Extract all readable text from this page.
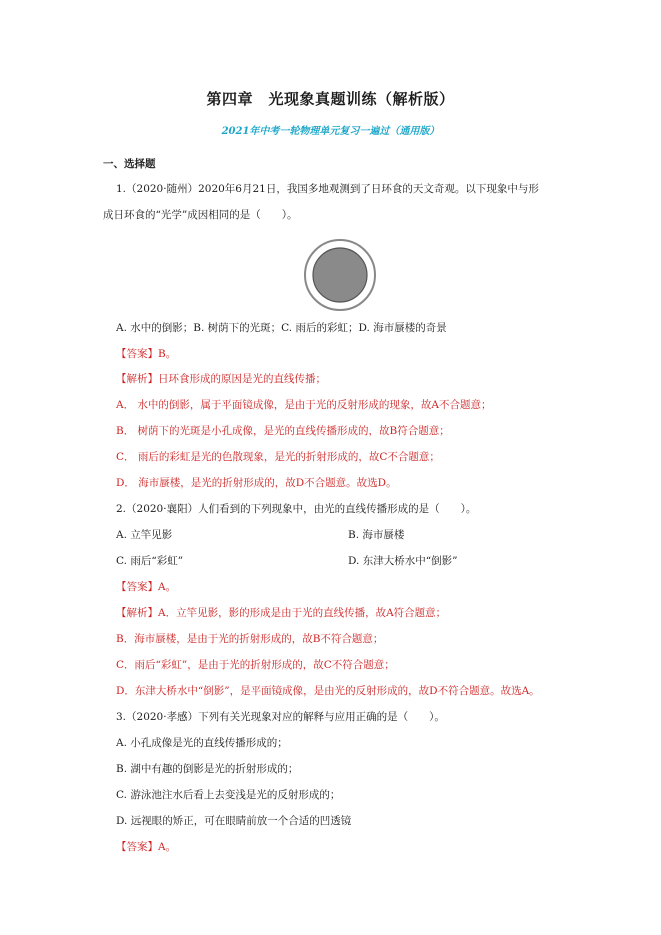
第四章　光现象真题训练（解析版）
2021年中考一轮物理单元复习一遍过（通用版）
一、选择题
1.（2020·随州）2020年6月21日，我国多地观测到了日环食的天文奇观。以下现象中与形
成日环食的“光学”成因相同的是（　　）。
A. 水中的倒影；B. 树荫下的光斑；C. 雨后的彩虹；D. 海市蜃楼的奇景
【答案】B。
【解析】日环食形成的原因是光的直线传播；
A． 水中的倒影，属于平面镜成像，是由于光的反射形成的现象，故A不合题意；
B． 树荫下的光斑是小孔成像，是光的直线传播形成的，故B符合题意；
C． 雨后的彩虹是光的色散现象，是光的折射形成的，故C不合题意；
D． 海市蜃楼，是光的折射形成的，故D不合题意。故选D。
2.（2020·襄阳）人们看到的下列现象中，由光的直线传播形成的是（　　）。
A. 立竿见影	B. 海市蜃楼
C. 雨后“彩虹”	D. 东津大桥水中“倒影”
【答案】A。
【解析】A．立竿见影，影的形成是由于光的直线传播，故A符合题意；
B．海市蜃楼，是由于光的折射形成的，故B不符合题意；
C．雨后“彩虹”，是由于光的折射形成的，故C不符合题意；
D．东津大桥水中“倒影”，是平面镜成像，是由光的反射形成的，故D不符合题意。故选A。
3.（2020·孝感）下列有关光现象对应的解释与应用正确的是（　　）。
A. 小孔成像是光的直线传播形成的；
B. 湖中有趣的倒影是光的折射形成的；
C. 游泳池注水后看上去变浅是光的反射形成的；
D. 远视眼的矫正，可在眼睛前放一个合适的凹透镜
【答案】A。
